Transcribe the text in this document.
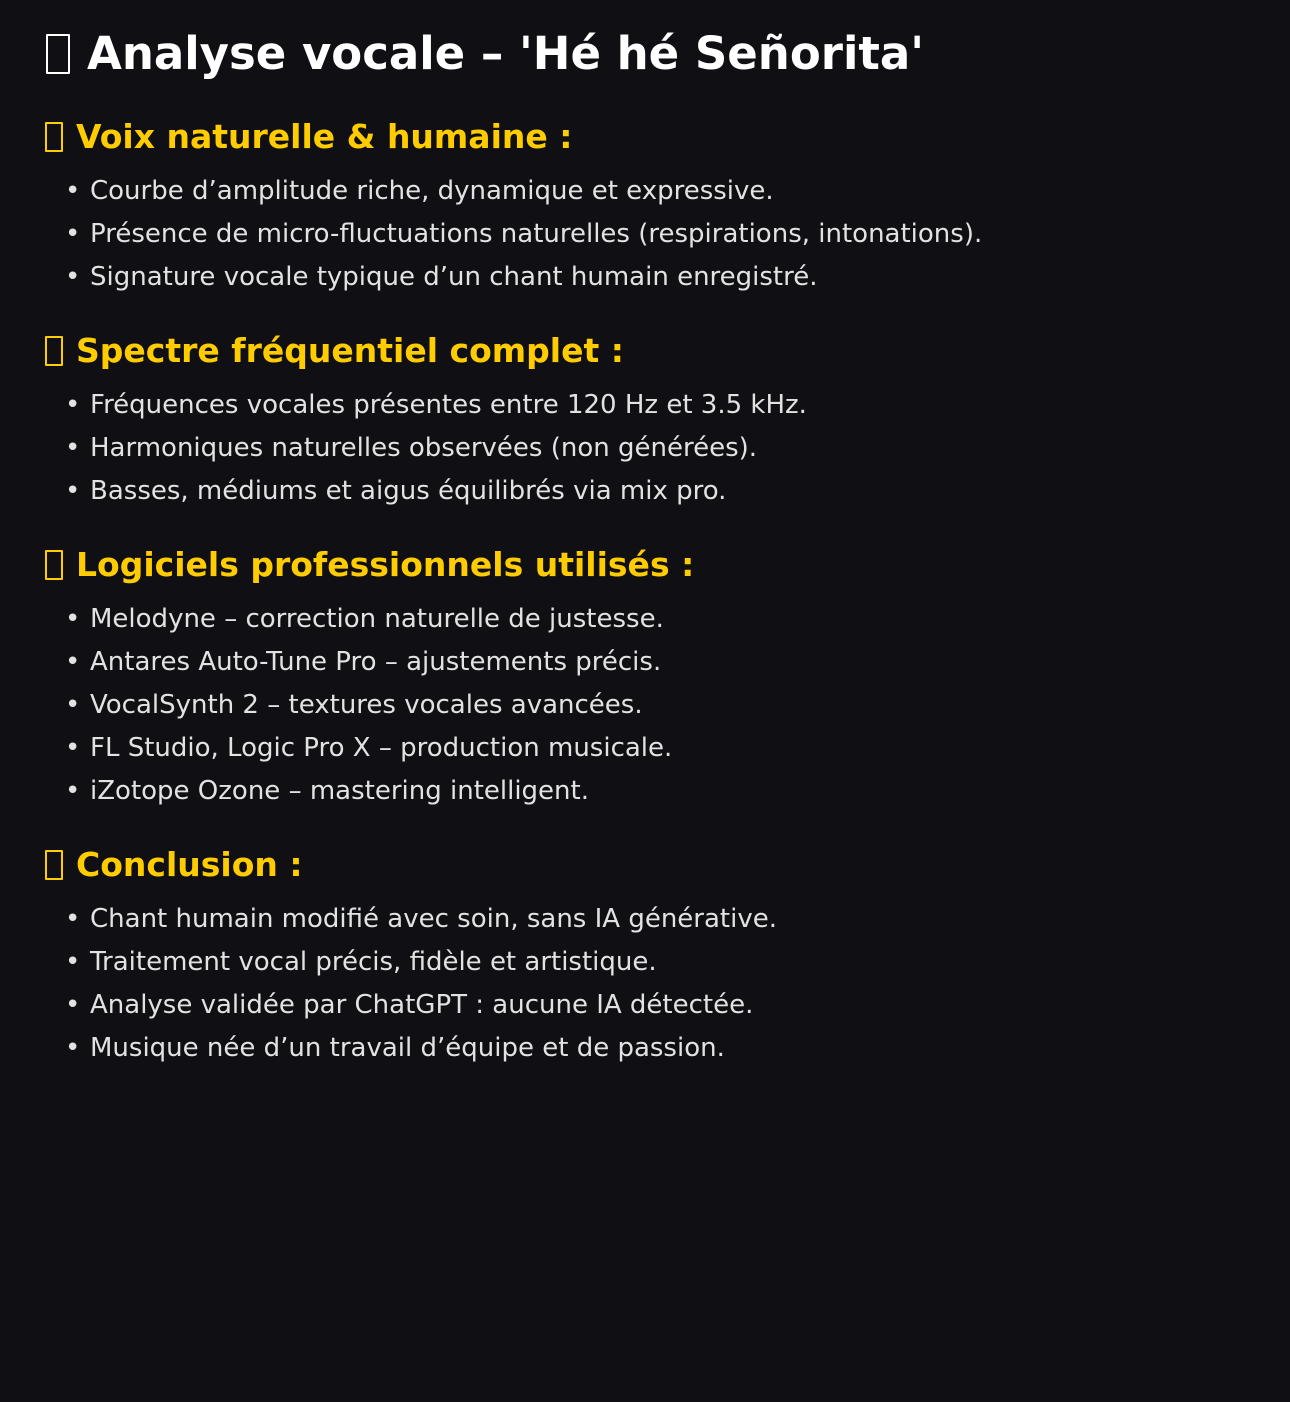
Analyse vocale – 'Hé hé Señorita'
Voix naturelle & humaine :
• Courbe d’amplitude riche, dynamique et expressive.
• Présence de micro-fluctuations naturelles (respirations, intonations).
• Signature vocale typique d’un chant humain enregistré.
Spectre fréquentiel complet :
• Fréquences vocales présentes entre 120 Hz et 3.5 kHz.
• Harmoniques naturelles observées (non générées).
• Basses, médiums et aigus équilibrés via mix pro.
Logiciels professionnels utilisés :
• Melodyne – correction naturelle de justesse.
• Antares Auto-Tune Pro – ajustements précis.
• VocalSynth 2 – textures vocales avancées.
• FL Studio, Logic Pro X – production musicale.
• iZotope Ozone – mastering intelligent.
Conclusion :
• Chant humain modifié avec soin, sans IA générative.
• Traitement vocal précis, fidèle et artistique.
• Analyse validée par ChatGPT : aucune IA détectée.
• Musique née d’un travail d’équipe et de passion.
